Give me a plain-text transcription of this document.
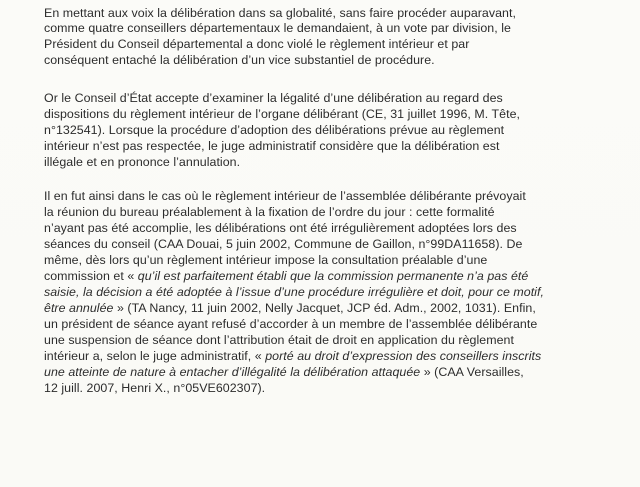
En mettant aux voix la délibération dans sa globalité, sans faire procéder auparavant,
comme quatre conseillers départementaux le demandaient, à un vote par division, le
Président du Conseil départemental a donc violé le règlement intérieur et par
conséquent entaché la délibération d’un vice substantiel de procédure.
Or le Conseil d’État accepte d’examiner la légalité d’une délibération au regard des
dispositions du règlement intérieur de l’organe délibérant (CE, 31 juillet 1996, M. Tête,
n°132541). Lorsque la procédure d’adoption des délibérations prévue au règlement
intérieur n’est pas respectée, le juge administratif considère que la délibération est
illégale et en prononce l’annulation.
Il en fut ainsi dans le cas où le règlement intérieur de l’assemblée délibérante prévoyait
la réunion du bureau préalablement à la fixation de l’ordre du jour : cette formalité
n’ayant pas été accomplie, les délibérations ont été irrégulièrement adoptées lors des
séances du conseil (CAA Douai, 5 juin 2002, Commune de Gaillon, n°99DA11658). De
même, dès lors qu’un règlement intérieur impose la consultation préalable d’une
commission et « qu’il est parfaitement établi que la commission permanente n’a pas été
saisie, la décision a été adoptée à l’issue d’une procédure irrégulière et doit, pour ce motif,
être annulée » (TA Nancy, 11 juin 2002, Nelly Jacquet, JCP éd. Adm., 2002, 1031). Enfin,
un président de séance ayant refusé d’accorder à un membre de l’assemblée délibérante
une suspension de séance dont l’attribution était de droit en application du règlement
intérieur a, selon le juge administratif, « porté au droit d’expression des conseillers inscrits
une atteinte de nature à entacher d’illégalité la délibération attaquée » (CAA Versailles,
12 juill. 2007, Henri X., n°05VE602307).
